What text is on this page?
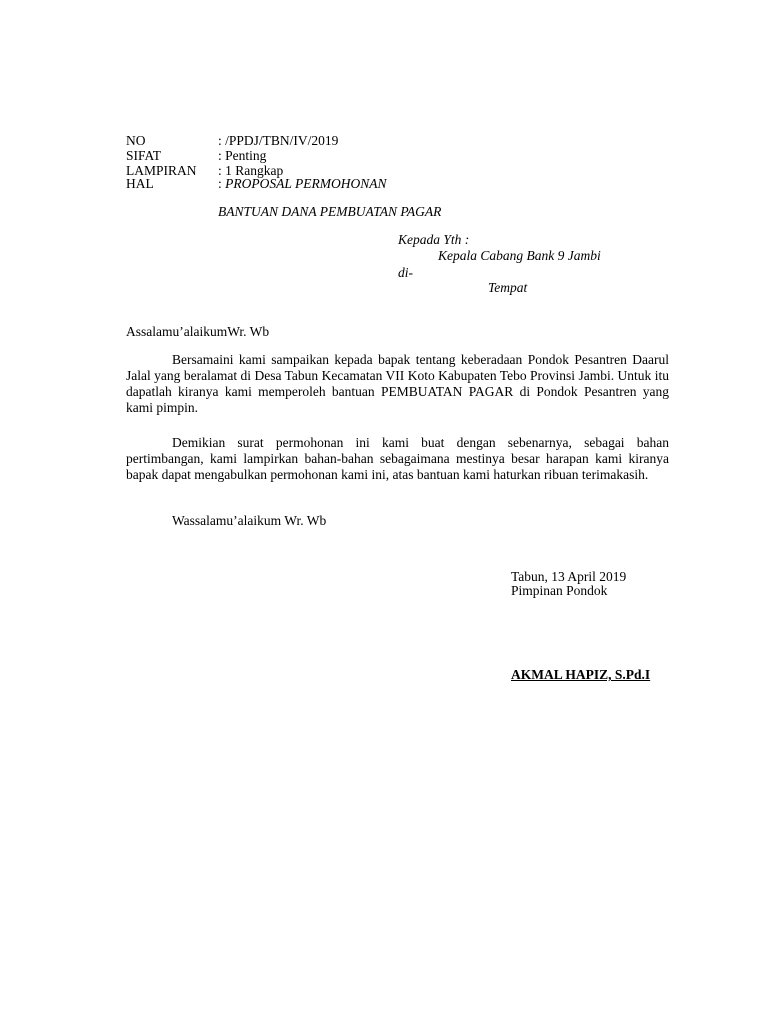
NO	: /PPDJ/TBN/IV/2019
SIFAT	: Penting
LAMPIRAN : 1 Rangkap
HAL	: PROPOSAL PERMOHONAN
BANTUAN DANA PEMBUATAN PAGAR
Kepada Yth :
Kepala Cabang Bank 9 Jambi
di-
Tempat
Assalamu’alaikumWr. Wb
Bersamaini kami sampaikan kepada bapak tentang keberadaan Pondok Pesantren Daarul Jalal yang beralamat di Desa Tabun Kecamatan VII Koto Kabupaten Tebo Provinsi Jambi. Untuk itu dapatlah kiranya kami memperoleh bantuan PEMBUATAN PAGAR di Pondok Pesantren yang kami pimpin.
Demikian surat permohonan ini kami buat dengan sebenarnya, sebagai bahan pertimbangan, kami lampirkan bahan-bahan sebagaimana mestinya besar harapan kami kiranya bapak dapat mengabulkan permohonan kami ini, atas bantuan kami haturkan ribuan terimakasih.
Wassalamu’alaikum Wr. Wb
Tabun, 13 April 2019
Pimpinan Pondok
AKMAL HAPIZ, S.Pd.I
